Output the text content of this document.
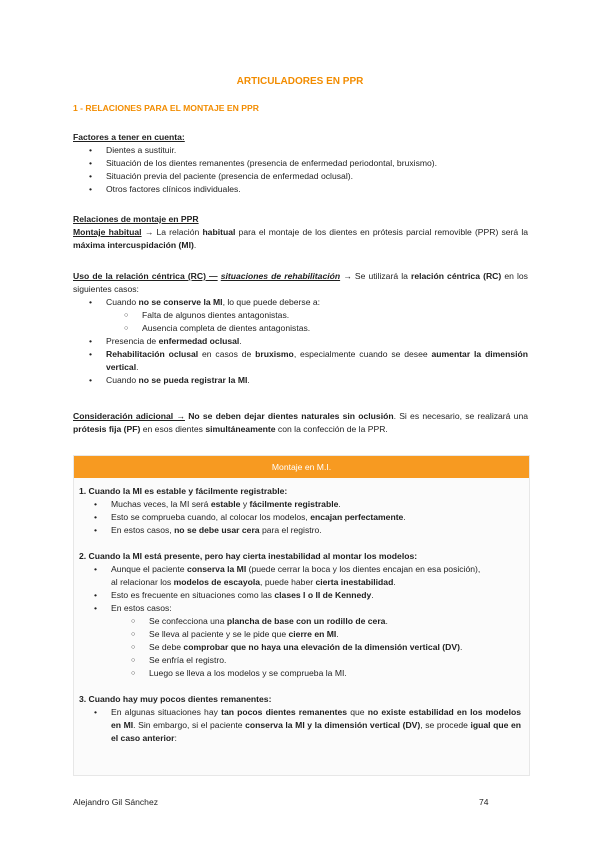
ARTICULADORES EN PPR
1 - RELACIONES PARA EL MONTAJE EN PPR
Factores a tener en cuenta:
• Dientes a sustituir.
• Situación de los dientes remanentes (presencia de enfermedad periodontal, bruxismo).
• Situación previa del paciente (presencia de enfermedad oclusal).
• Otros factores clínicos individuales.
Relaciones de montaje en PPR
Montaje habitual → La relación habitual para el montaje de los dientes en prótesis parcial removible (PPR) será la máxima intercuspidación (MI).
Uso de la relación céntrica (RC) — situaciones de rehabilitación → Se utilizará la relación céntrica (RC) en los siguientes casos:
• Cuando no se conserve la MI, lo que puede deberse a:
○ Falta de algunos dientes antagonistas.
○ Ausencia completa de dientes antagonistas.
• Presencia de enfermedad oclusal.
• Rehabilitación oclusal en casos de bruxismo, especialmente cuando se desee aumentar la dimensión vertical.
• Cuando no se pueda registrar la MI.
Consideración adicional → No se deben dejar dientes naturales sin oclusión. Si es necesario, se realizará una prótesis fija (PF) en esos dientes simultáneamente con la confección de la PPR.
Montaje en M.I.
1. Cuando la MI es estable y fácilmente registrable:
• Muchas veces, la MI será estable y fácilmente registrable.
• Esto se comprueba cuando, al colocar los modelos, encajan perfectamente.
• En estos casos, no se debe usar cera para el registro.
2. Cuando la MI está presente, pero hay cierta inestabilidad al montar los modelos:
• Aunque el paciente conserva la MI (puede cerrar la boca y los dientes encajan en esa posición),
al relacionar los modelos de escayola, puede haber cierta inestabilidad.
• Esto es frecuente en situaciones como las clases I o II de Kennedy.
• En estos casos:
○ Se confecciona una plancha de base con un rodillo de cera.
○ Se lleva al paciente y se le pide que cierre en MI.
○ Se debe comprobar que no haya una elevación de la dimensión vertical (DV).
○ Se enfría el registro.
○ Luego se lleva a los modelos y se comprueba la MI.
3. Cuando hay muy pocos dientes remanentes:
• En algunas situaciones hay tan pocos dientes remanentes que no existe estabilidad en los modelos en MI. Sin embargo, si el paciente conserva la MI y la dimensión vertical (DV), se procede igual que en el caso anterior:
Alejandro Gil Sánchez	74
